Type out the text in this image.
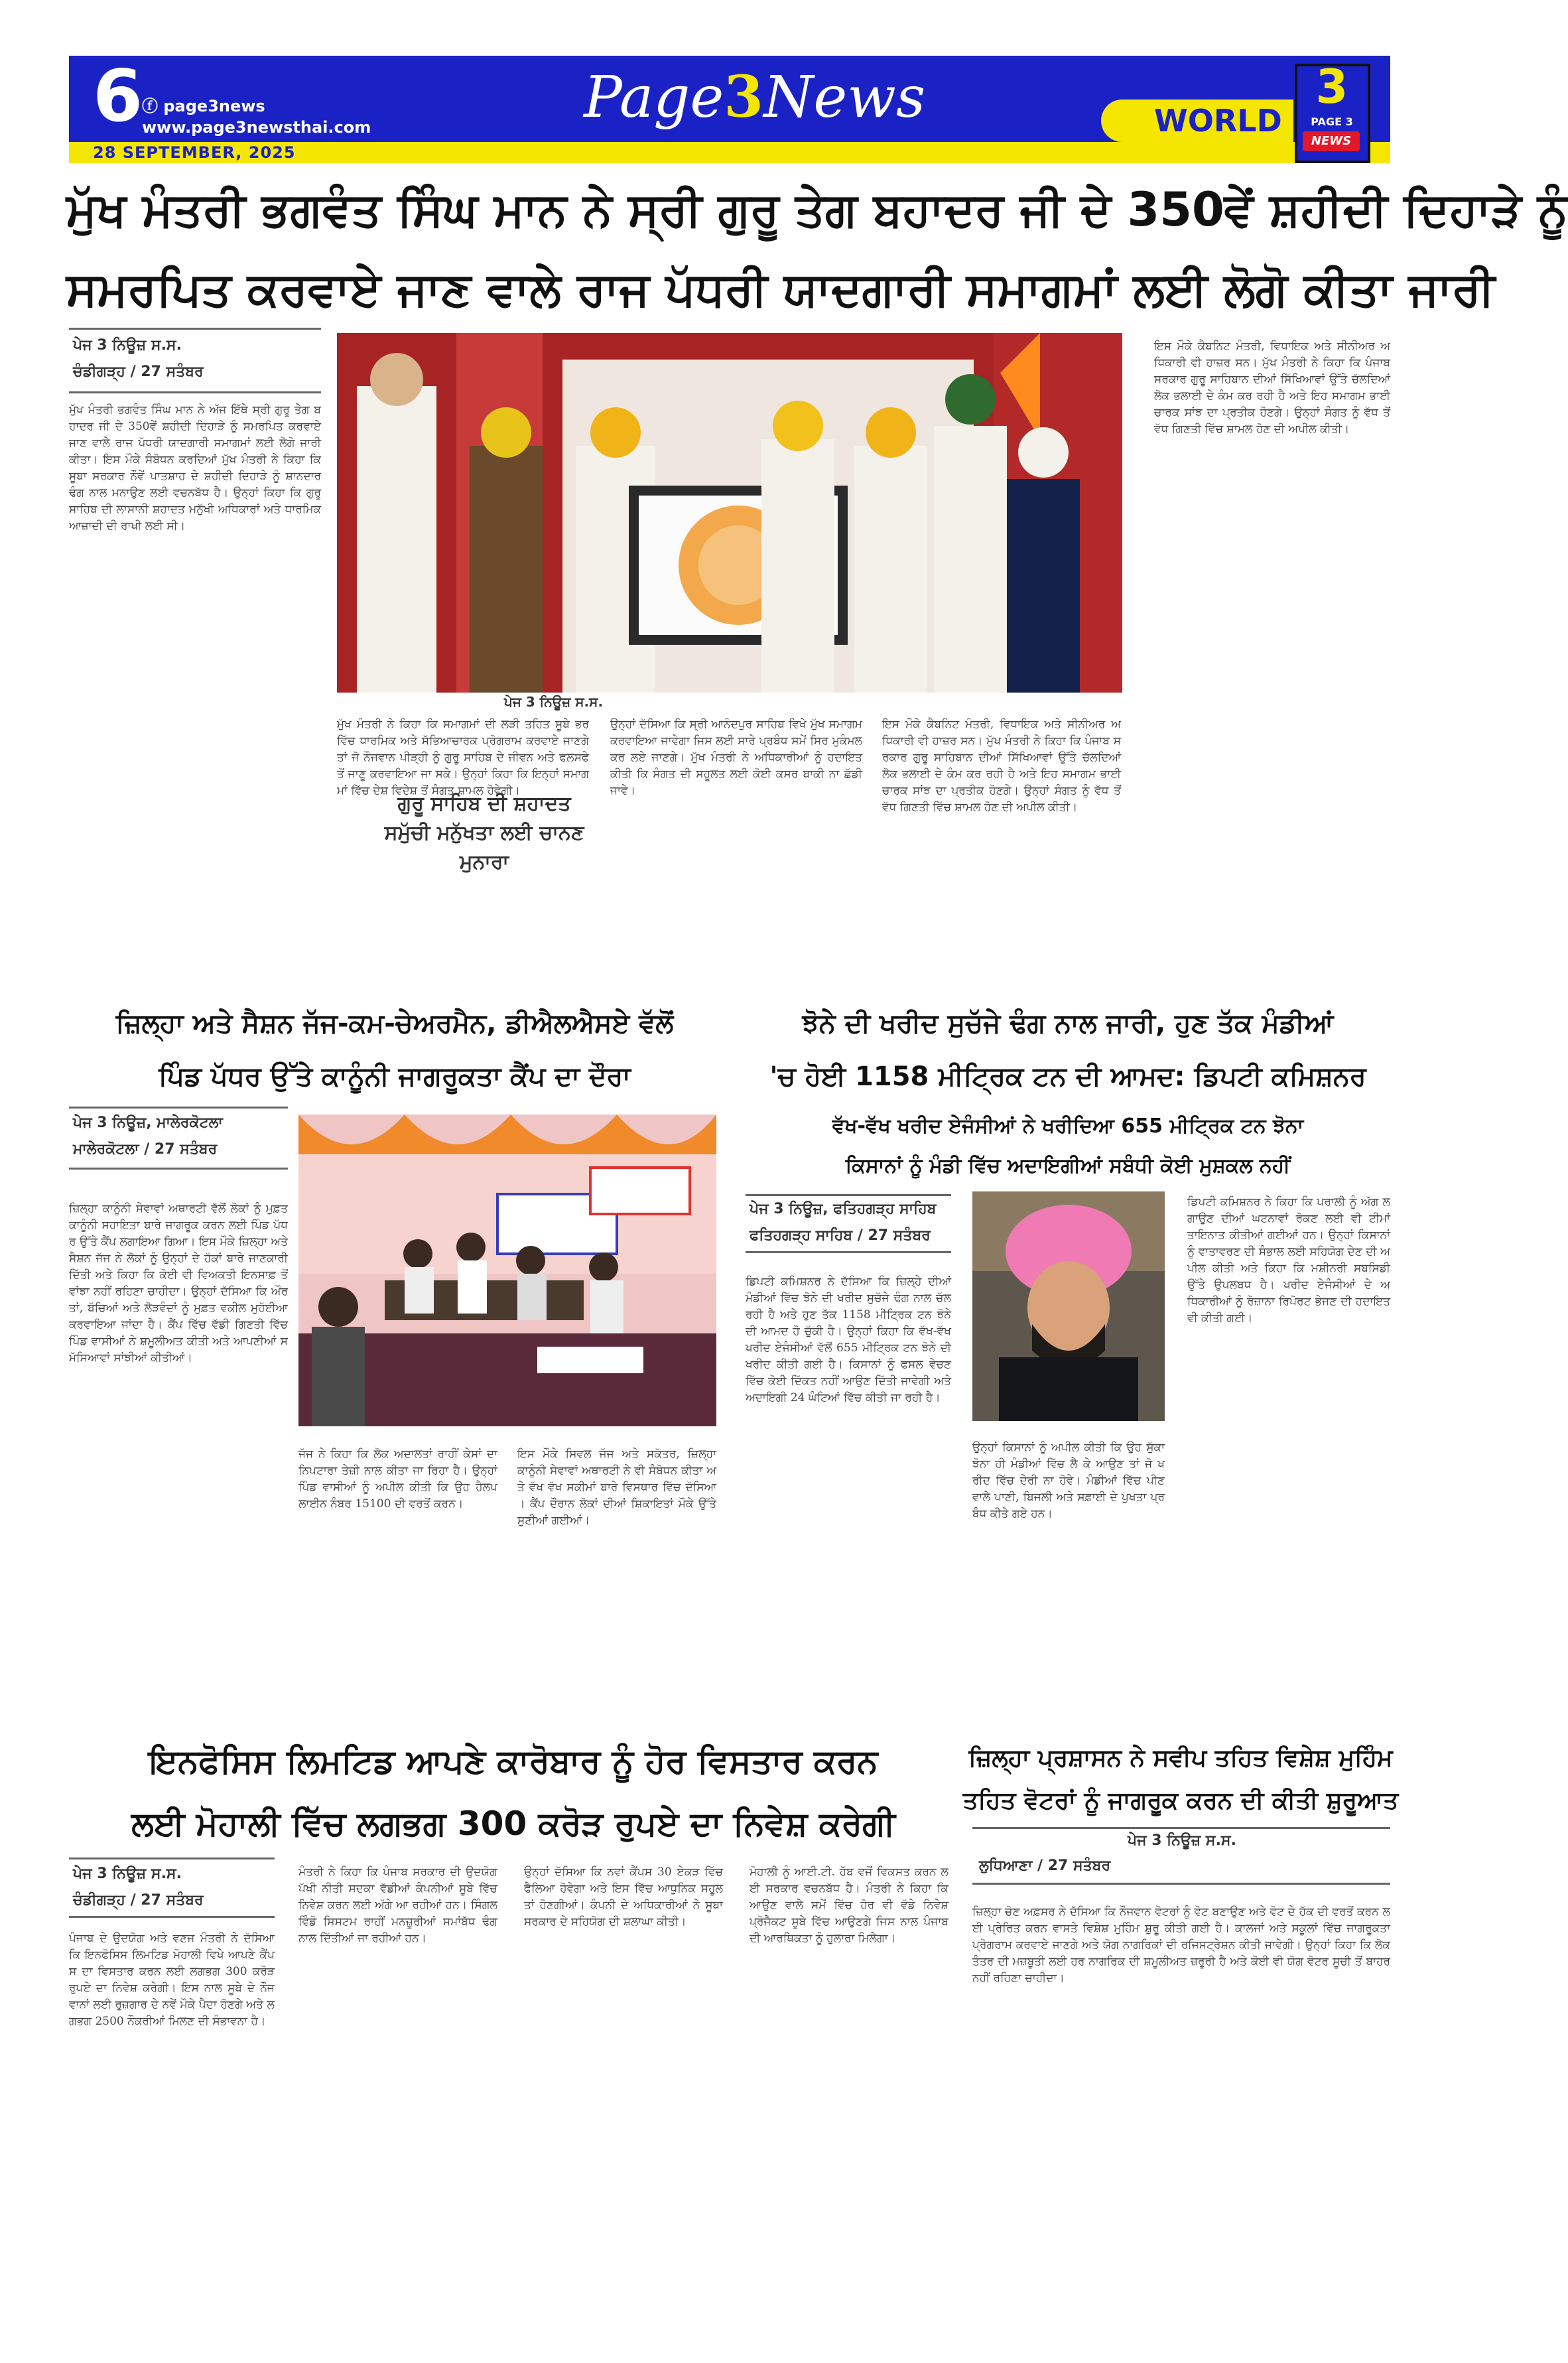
6
ⓕ page3news
www.page3newsthai.com
28 SEPTEMBER, 2025
Page3News	WORLD
3
PAGE 3
NEWS
ਮੁੱਖ ਮੰਤਰੀ ਭਗਵੰਤ ਸਿੰਘ ਮਾਨ ਨੇ ਸ੍ਰੀ ਗੁਰੂ ਤੇਗ ਬਹਾਦਰ ਜੀ ਦੇ 350ਵੇਂ ਸ਼ਹੀਦੀ ਦਿਹਾੜੇ ਨੂੰ
ਸਮਰਪਿਤ ਕਰਵਾਏ ਜਾਣ ਵਾਲੇ ਰਾਜ ਪੱਧਰੀ ਯਾਦਗਾਰੀ ਸਮਾਗਮਾਂ ਲਈ ਲੋਗੋ ਕੀਤਾ ਜਾਰੀ
ਪੇਜ 3 ਨਿਊਜ਼ ਸ.ਸ.
ਚੰਡੀਗੜ੍ਹ / 27 ਸਤੰਬਰ
ਮੁੱਖ ਮੰਤਰੀ ਭਗਵੰਤ ਸਿੰਘ ਮਾਨ ਨੇ ਅੱਜ ਇੱਥੇ ਸ੍ਰੀ ਗੁਰੂ ਤੇਗ ਬਹਾਦਰ ਜੀ ਦੇ 350ਵੇਂ ਸ਼ਹੀਦੀ ਦਿਹਾੜੇ ਨੂੰ ਸਮਰਪਿਤ ਕਰਵਾਏ ਜਾਣ ਵਾਲੇ ਰਾਜ ਪੱਧਰੀ ਯਾਦਗਾਰੀ ਸਮਾਗਮਾਂ ਲਈ ਲੋਗੋ ਜਾਰੀ ਕੀਤਾ। ਇਸ ਮੌਕੇ ਸੰਬੋਧਨ ਕਰਦਿਆਂ ਮੁੱਖ ਮੰਤਰੀ ਨੇ ਕਿਹਾ ਕਿ ਸੂਬਾ ਸਰਕਾਰ ਨੌਵੇਂ ਪਾਤਸ਼ਾਹ ਦੇ ਸ਼ਹੀਦੀ ਦਿਹਾੜੇ ਨੂੰ ਸ਼ਾਨਦਾਰ ਢੰਗ ਨਾਲ ਮਨਾਉਣ ਲਈ ਵਚਨਬੱਧ ਹੈ। ਉਨ੍ਹਾਂ ਕਿਹਾ ਕਿ ਗੁਰੂ ਸਾਹਿਬ ਦੀ ਲਾਸਾਨੀ ਸ਼ਹਾਦਤ ਮਨੁੱਖੀ ਅਧਿਕਾਰਾਂ ਅਤੇ ਧਾਰਮਿਕ ਆਜ਼ਾਦੀ ਦੀ ਰਾਖੀ ਲਈ ਸੀ।
ਪੇਜ 3 ਨਿਊਜ਼ ਸ.ਸ.
ਮੁੱਖ ਮੰਤਰੀ ਨੇ ਕਿਹਾ ਕਿ ਸਮਾਗਮਾਂ ਦੀ ਲੜੀ ਤਹਿਤ ਸੂਬੇ ਭਰ ਵਿੱਚ ਧਾਰਮਿਕ ਅਤੇ ਸੱਭਿਆਚਾਰਕ ਪ੍ਰੋਗਰਾਮ ਕਰਵਾਏ ਜਾਣਗੇ ਤਾਂ ਜੋ ਨੌਜਵਾਨ ਪੀੜ੍ਹੀ ਨੂੰ ਗੁਰੂ ਸਾਹਿਬ ਦੇ ਜੀਵਨ ਅਤੇ ਫਲਸਫੇ ਤੋਂ ਜਾਣੂ ਕਰਵਾਇਆ ਜਾ ਸਕੇ। ਉਨ੍ਹਾਂ ਕਿਹਾ ਕਿ ਇਨ੍ਹਾਂ ਸਮਾਗਮਾਂ ਵਿੱਚ ਦੇਸ਼ ਵਿਦੇਸ਼ ਤੋਂ ਸੰਗਤ ਸ਼ਾਮਲ ਹੋਵੇਗੀ।
ਉਨ੍ਹਾਂ ਦੱਸਿਆ ਕਿ ਸ੍ਰੀ ਆਨੰਦਪੁਰ ਸਾਹਿਬ ਵਿਖੇ ਮੁੱਖ ਸਮਾਗਮ ਕਰਵਾਇਆ ਜਾਵੇਗਾ ਜਿਸ ਲਈ ਸਾਰੇ ਪ੍ਰਬੰਧ ਸਮੇਂ ਸਿਰ ਮੁਕੰਮਲ ਕਰ ਲਏ ਜਾਣਗੇ। ਮੁੱਖ ਮੰਤਰੀ ਨੇ ਅਧਿਕਾਰੀਆਂ ਨੂੰ ਹਦਾਇਤ ਕੀਤੀ ਕਿ ਸੰਗਤ ਦੀ ਸਹੂਲਤ ਲਈ ਕੋਈ ਕਸਰ ਬਾਕੀ ਨਾ ਛੱਡੀ ਜਾਵੇ।
ਇਸ ਮੌਕੇ ਕੈਬਨਿਟ ਮੰਤਰੀ, ਵਿਧਾਇਕ ਅਤੇ ਸੀਨੀਅਰ ਅਧਿਕਾਰੀ ਵੀ ਹਾਜ਼ਰ ਸਨ। ਮੁੱਖ ਮੰਤਰੀ ਨੇ ਕਿਹਾ ਕਿ ਪੰਜਾਬ ਸਰਕਾਰ ਗੁਰੂ ਸਾਹਿਬਾਨ ਦੀਆਂ ਸਿੱਖਿਆਵਾਂ ਉੱਤੇ ਚੱਲਦਿਆਂ ਲੋਕ ਭਲਾਈ ਦੇ ਕੰਮ ਕਰ ਰਹੀ ਹੈ ਅਤੇ ਇਹ ਸਮਾਗਮ ਭਾਈਚਾਰਕ ਸਾਂਝ ਦਾ ਪ੍ਰਤੀਕ ਹੋਣਗੇ। ਉਨ੍ਹਾਂ ਸੰਗਤ ਨੂੰ ਵੱਧ ਤੋਂ ਵੱਧ ਗਿਣਤੀ ਵਿੱਚ ਸ਼ਾਮਲ ਹੋਣ ਦੀ ਅਪੀਲ ਕੀਤੀ।
ਇਸ ਮੌਕੇ ਕੈਬਨਿਟ ਮੰਤਰੀ, ਵਿਧਾਇਕ ਅਤੇ ਸੀਨੀਅਰ ਅਧਿਕਾਰੀ ਵੀ ਹਾਜ਼ਰ ਸਨ। ਮੁੱਖ ਮੰਤਰੀ ਨੇ ਕਿਹਾ ਕਿ ਪੰਜਾਬ ਸਰਕਾਰ ਗੁਰੂ ਸਾਹਿਬਾਨ ਦੀਆਂ ਸਿੱਖਿਆਵਾਂ ਉੱਤੇ ਚੱਲਦਿਆਂ ਲੋਕ ਭਲਾਈ ਦੇ ਕੰਮ ਕਰ ਰਹੀ ਹੈ ਅਤੇ ਇਹ ਸਮਾਗਮ ਭਾਈਚਾਰਕ ਸਾਂਝ ਦਾ ਪ੍ਰਤੀਕ ਹੋਣਗੇ। ਉਨ੍ਹਾਂ ਸੰਗਤ ਨੂੰ ਵੱਧ ਤੋਂ ਵੱਧ ਗਿਣਤੀ ਵਿੱਚ ਸ਼ਾਮਲ ਹੋਣ ਦੀ ਅਪੀਲ ਕੀਤੀ।
ਗੁਰੂ ਸਾਹਿਬ ਦੀ ਸ਼ਹਾਦਤ ਸਮੁੱਚੀ ਮਨੁੱਖਤਾ ਲਈ ਚਾਨਣ ਮੁਨਾਰਾ
ਜ਼ਿਲ੍ਹਾ ਅਤੇ ਸੈਸ਼ਨ ਜੱਜ-ਕਮ-ਚੇਅਰਮੈਨ, ਡੀਐਲਐਸਏ ਵੱਲੋਂ
ਪਿੰਡ ਪੱਧਰ ਉੱਤੇ ਕਾਨੂੰਨੀ ਜਾਗਰੂਕਤਾ ਕੈਂਪ ਦਾ ਦੌਰਾ
ਪੇਜ 3 ਨਿਊਜ਼, ਮਾਲੇਰਕੋਟਲਾ
ਮਾਲੇਰਕੋਟਲਾ / 27 ਸਤੰਬਰ
ਜ਼ਿਲ੍ਹਾ ਕਾਨੂੰਨੀ ਸੇਵਾਵਾਂ ਅਥਾਰਟੀ ਵੱਲੋਂ ਲੋਕਾਂ ਨੂੰ ਮੁਫ਼ਤ ਕਾਨੂੰਨੀ ਸਹਾਇਤਾ ਬਾਰੇ ਜਾਗਰੂਕ ਕਰਨ ਲਈ ਪਿੰਡ ਪੱਧਰ ਉੱਤੇ ਕੈਂਪ ਲਗਾਇਆ ਗਿਆ। ਇਸ ਮੌਕੇ ਜ਼ਿਲ੍ਹਾ ਅਤੇ ਸੈਸ਼ਨ ਜੱਜ ਨੇ ਲੋਕਾਂ ਨੂੰ ਉਨ੍ਹਾਂ ਦੇ ਹੱਕਾਂ ਬਾਰੇ ਜਾਣਕਾਰੀ ਦਿੱਤੀ ਅਤੇ ਕਿਹਾ ਕਿ ਕੋਈ ਵੀ ਵਿਅਕਤੀ ਇਨਸਾਫ਼ ਤੋਂ ਵਾਂਝਾ ਨਹੀਂ ਰਹਿਣਾ ਚਾਹੀਦਾ। ਉਨ੍ਹਾਂ ਦੱਸਿਆ ਕਿ ਔਰਤਾਂ, ਬੱਚਿਆਂ ਅਤੇ ਲੋੜਵੰਦਾਂ ਨੂੰ ਮੁਫ਼ਤ ਵਕੀਲ ਮੁਹੱਈਆ ਕਰਵਾਇਆ ਜਾਂਦਾ ਹੈ। ਕੈਂਪ ਵਿੱਚ ਵੱਡੀ ਗਿਣਤੀ ਵਿੱਚ ਪਿੰਡ ਵਾਸੀਆਂ ਨੇ ਸ਼ਮੂਲੀਅਤ ਕੀਤੀ ਅਤੇ ਆਪਣੀਆਂ ਸਮੱਸਿਆਵਾਂ ਸਾਂਝੀਆਂ ਕੀਤੀਆਂ।
ਜੱਜ ਨੇ ਕਿਹਾ ਕਿ ਲੋਕ ਅਦਾਲਤਾਂ ਰਾਹੀਂ ਕੇਸਾਂ ਦਾ ਨਿਪਟਾਰਾ ਤੇਜ਼ੀ ਨਾਲ ਕੀਤਾ ਜਾ ਰਿਹਾ ਹੈ। ਉਨ੍ਹਾਂ ਪਿੰਡ ਵਾਸੀਆਂ ਨੂੰ ਅਪੀਲ ਕੀਤੀ ਕਿ ਉਹ ਹੈਲਪਲਾਈਨ ਨੰਬਰ 15100 ਦੀ ਵਰਤੋਂ ਕਰਨ।
ਇਸ ਮੌਕੇ ਸਿਵਲ ਜੱਜ ਅਤੇ ਸਕੱਤਰ, ਜ਼ਿਲ੍ਹਾ ਕਾਨੂੰਨੀ ਸੇਵਾਵਾਂ ਅਥਾਰਟੀ ਨੇ ਵੀ ਸੰਬੋਧਨ ਕੀਤਾ ਅਤੇ ਵੱਖ ਵੱਖ ਸਕੀਮਾਂ ਬਾਰੇ ਵਿਸਥਾਰ ਵਿੱਚ ਦੱਸਿਆ। ਕੈਂਪ ਦੌਰਾਨ ਲੋਕਾਂ ਦੀਆਂ ਸ਼ਿਕਾਇਤਾਂ ਮੌਕੇ ਉੱਤੇ ਸੁਣੀਆਂ ਗਈਆਂ।
ਝੋਨੇ ਦੀ ਖਰੀਦ ਸੁਚੱਜੇ ਢੰਗ ਨਾਲ ਜਾਰੀ, ਹੁਣ ਤੱਕ ਮੰਡੀਆਂ
'ਚ ਹੋਈ 1158 ਮੀਟ੍ਰਿਕ ਟਨ ਦੀ ਆਮਦ: ਡਿਪਟੀ ਕਮਿਸ਼ਨਰ
ਵੱਖ-ਵੱਖ ਖਰੀਦ ਏਜੰਸੀਆਂ ਨੇ ਖਰੀਦਿਆ 655 ਮੀਟ੍ਰਿਕ ਟਨ ਝੋਨਾ
ਕਿਸਾਨਾਂ ਨੂੰ ਮੰਡੀ ਵਿੱਚ ਅਦਾਇਗੀਆਂ ਸਬੰਧੀ ਕੋਈ ਮੁਸ਼ਕਲ ਨਹੀਂ
ਪੇਜ 3 ਨਿਊਜ਼, ਫਤਿਹਗੜ੍ਹ ਸਾਹਿਬ
ਫਤਿਹਗੜ੍ਹ ਸਾਹਿਬ / 27 ਸਤੰਬਰ
ਡਿਪਟੀ ਕਮਿਸ਼ਨਰ ਨੇ ਦੱਸਿਆ ਕਿ ਜ਼ਿਲ੍ਹੇ ਦੀਆਂ ਮੰਡੀਆਂ ਵਿੱਚ ਝੋਨੇ ਦੀ ਖਰੀਦ ਸੁਚੱਜੇ ਢੰਗ ਨਾਲ ਚੱਲ ਰਹੀ ਹੈ ਅਤੇ ਹੁਣ ਤੱਕ 1158 ਮੀਟ੍ਰਿਕ ਟਨ ਝੋਨੇ ਦੀ ਆਮਦ ਹੋ ਚੁੱਕੀ ਹੈ। ਉਨ੍ਹਾਂ ਕਿਹਾ ਕਿ ਵੱਖ-ਵੱਖ ਖਰੀਦ ਏਜੰਸੀਆਂ ਵੱਲੋਂ 655 ਮੀਟ੍ਰਿਕ ਟਨ ਝੋਨੇ ਦੀ ਖਰੀਦ ਕੀਤੀ ਗਈ ਹੈ। ਕਿਸਾਨਾਂ ਨੂੰ ਫਸਲ ਵੇਚਣ ਵਿੱਚ ਕੋਈ ਦਿੱਕਤ ਨਹੀਂ ਆਉਣ ਦਿੱਤੀ ਜਾਵੇਗੀ ਅਤੇ ਅਦਾਇਗੀ 24 ਘੰਟਿਆਂ ਵਿੱਚ ਕੀਤੀ ਜਾ ਰਹੀ ਹੈ।
ਉਨ੍ਹਾਂ ਕਿਸਾਨਾਂ ਨੂੰ ਅਪੀਲ ਕੀਤੀ ਕਿ ਉਹ ਸੁੱਕਾ ਝੋਨਾ ਹੀ ਮੰਡੀਆਂ ਵਿੱਚ ਲੈ ਕੇ ਆਉਣ ਤਾਂ ਜੋ ਖਰੀਦ ਵਿੱਚ ਦੇਰੀ ਨਾ ਹੋਵੇ। ਮੰਡੀਆਂ ਵਿੱਚ ਪੀਣ ਵਾਲੇ ਪਾਣੀ, ਬਿਜਲੀ ਅਤੇ ਸਫ਼ਾਈ ਦੇ ਪੁਖਤਾ ਪ੍ਰਬੰਧ ਕੀਤੇ ਗਏ ਹਨ।
ਡਿਪਟੀ ਕਮਿਸ਼ਨਰ ਨੇ ਕਿਹਾ ਕਿ ਪਰਾਲੀ ਨੂੰ ਅੱਗ ਲਗਾਉਣ ਦੀਆਂ ਘਟਨਾਵਾਂ ਰੋਕਣ ਲਈ ਵੀ ਟੀਮਾਂ ਤਾਇਨਾਤ ਕੀਤੀਆਂ ਗਈਆਂ ਹਨ। ਉਨ੍ਹਾਂ ਕਿਸਾਨਾਂ ਨੂੰ ਵਾਤਾਵਰਣ ਦੀ ਸੰਭਾਲ ਲਈ ਸਹਿਯੋਗ ਦੇਣ ਦੀ ਅਪੀਲ ਕੀਤੀ ਅਤੇ ਕਿਹਾ ਕਿ ਮਸ਼ੀਨਰੀ ਸਬਸਿਡੀ ਉੱਤੇ ਉਪਲਬਧ ਹੈ। ਖਰੀਦ ਏਜੰਸੀਆਂ ਦੇ ਅਧਿਕਾਰੀਆਂ ਨੂੰ ਰੋਜ਼ਾਨਾ ਰਿਪੋਰਟ ਭੇਜਣ ਦੀ ਹਦਾਇਤ ਵੀ ਕੀਤੀ ਗਈ।
ਇਨਫੋਸਿਸ ਲਿਮਟਿਡ ਆਪਣੇ ਕਾਰੋਬਾਰ ਨੂੰ ਹੋਰ ਵਿਸਤਾਰ ਕਰਨ
ਲਈ ਮੋਹਾਲੀ ਵਿੱਚ ਲਗਭਗ 300 ਕਰੋੜ ਰੁਪਏ ਦਾ ਨਿਵੇਸ਼ ਕਰੇਗੀ
ਪੇਜ 3 ਨਿਊਜ਼ ਸ.ਸ.
ਚੰਡੀਗੜ੍ਹ / 27 ਸਤੰਬਰ
ਪੰਜਾਬ ਦੇ ਉਦਯੋਗ ਅਤੇ ਵਣਜ ਮੰਤਰੀ ਨੇ ਦੱਸਿਆ ਕਿ ਇਨਫੋਸਿਸ ਲਿਮਟਿਡ ਮੋਹਾਲੀ ਵਿਖੇ ਆਪਣੇ ਕੈਂਪਸ ਦਾ ਵਿਸਤਾਰ ਕਰਨ ਲਈ ਲਗਭਗ 300 ਕਰੋੜ ਰੁਪਏ ਦਾ ਨਿਵੇਸ਼ ਕਰੇਗੀ। ਇਸ ਨਾਲ ਸੂਬੇ ਦੇ ਨੌਜਵਾਨਾਂ ਲਈ ਰੁਜ਼ਗਾਰ ਦੇ ਨਵੇਂ ਮੌਕੇ ਪੈਦਾ ਹੋਣਗੇ ਅਤੇ ਲਗਭਗ 2500 ਨੌਕਰੀਆਂ ਮਿਲਣ ਦੀ ਸੰਭਾਵਨਾ ਹੈ।
ਮੰਤਰੀ ਨੇ ਕਿਹਾ ਕਿ ਪੰਜਾਬ ਸਰਕਾਰ ਦੀ ਉਦਯੋਗ ਪੱਖੀ ਨੀਤੀ ਸਦਕਾ ਵੱਡੀਆਂ ਕੰਪਨੀਆਂ ਸੂਬੇ ਵਿੱਚ ਨਿਵੇਸ਼ ਕਰਨ ਲਈ ਅੱਗੇ ਆ ਰਹੀਆਂ ਹਨ। ਸਿੰਗਲ ਵਿੰਡੋ ਸਿਸਟਮ ਰਾਹੀਂ ਮਨਜ਼ੂਰੀਆਂ ਸਮਾਂਬੱਧ ਢੰਗ ਨਾਲ ਦਿੱਤੀਆਂ ਜਾ ਰਹੀਆਂ ਹਨ।
ਉਨ੍ਹਾਂ ਦੱਸਿਆ ਕਿ ਨਵਾਂ ਕੈਂਪਸ 30 ਏਕੜ ਵਿੱਚ ਫੈਲਿਆ ਹੋਵੇਗਾ ਅਤੇ ਇਸ ਵਿੱਚ ਆਧੁਨਿਕ ਸਹੂਲਤਾਂ ਹੋਣਗੀਆਂ। ਕੰਪਨੀ ਦੇ ਅਧਿਕਾਰੀਆਂ ਨੇ ਸੂਬਾ ਸਰਕਾਰ ਦੇ ਸਹਿਯੋਗ ਦੀ ਸ਼ਲਾਘਾ ਕੀਤੀ।
ਮੋਹਾਲੀ ਨੂੰ ਆਈ.ਟੀ. ਹੱਬ ਵਜੋਂ ਵਿਕਸਤ ਕਰਨ ਲਈ ਸਰਕਾਰ ਵਚਨਬੱਧ ਹੈ। ਮੰਤਰੀ ਨੇ ਕਿਹਾ ਕਿ ਆਉਣ ਵਾਲੇ ਸਮੇਂ ਵਿੱਚ ਹੋਰ ਵੀ ਵੱਡੇ ਨਿਵੇਸ਼ ਪ੍ਰੋਜੈਕਟ ਸੂਬੇ ਵਿੱਚ ਆਉਣਗੇ ਜਿਸ ਨਾਲ ਪੰਜਾਬ ਦੀ ਆਰਥਿਕਤਾ ਨੂੰ ਹੁਲਾਰਾ ਮਿਲੇਗਾ।
ਜ਼ਿਲ੍ਹਾ ਪ੍ਰਸ਼ਾਸਨ ਨੇ ਸਵੀਪ ਤਹਿਤ ਵਿਸ਼ੇਸ਼ ਮੁਹਿੰਮ
ਤਹਿਤ ਵੋਟਰਾਂ ਨੂੰ ਜਾਗਰੂਕ ਕਰਨ ਦੀ ਕੀਤੀ ਸ਼ੁਰੂਆਤ
ਪੇਜ 3 ਨਿਊਜ਼ ਸ.ਸ.
ਲੁਧਿਆਣਾ / 27 ਸਤੰਬਰ
ਜ਼ਿਲ੍ਹਾ ਚੋਣ ਅਫ਼ਸਰ ਨੇ ਦੱਸਿਆ ਕਿ ਨੌਜਵਾਨ ਵੋਟਰਾਂ ਨੂੰ ਵੋਟ ਬਣਾਉਣ ਅਤੇ ਵੋਟ ਦੇ ਹੱਕ ਦੀ ਵਰਤੋਂ ਕਰਨ ਲਈ ਪ੍ਰੇਰਿਤ ਕਰਨ ਵਾਸਤੇ ਵਿਸ਼ੇਸ਼ ਮੁਹਿੰਮ ਸ਼ੁਰੂ ਕੀਤੀ ਗਈ ਹੈ। ਕਾਲਜਾਂ ਅਤੇ ਸਕੂਲਾਂ ਵਿੱਚ ਜਾਗਰੂਕਤਾ ਪ੍ਰੋਗਰਾਮ ਕਰਵਾਏ ਜਾਣਗੇ ਅਤੇ ਯੋਗ ਨਾਗਰਿਕਾਂ ਦੀ ਰਜਿਸਟ੍ਰੇਸ਼ਨ ਕੀਤੀ ਜਾਵੇਗੀ। ਉਨ੍ਹਾਂ ਕਿਹਾ ਕਿ ਲੋਕਤੰਤਰ ਦੀ ਮਜ਼ਬੂਤੀ ਲਈ ਹਰ ਨਾਗਰਿਕ ਦੀ ਸ਼ਮੂਲੀਅਤ ਜ਼ਰੂਰੀ ਹੈ ਅਤੇ ਕੋਈ ਵੀ ਯੋਗ ਵੋਟਰ ਸੂਚੀ ਤੋਂ ਬਾਹਰ ਨਹੀਂ ਰਹਿਣਾ ਚਾਹੀਦਾ।
